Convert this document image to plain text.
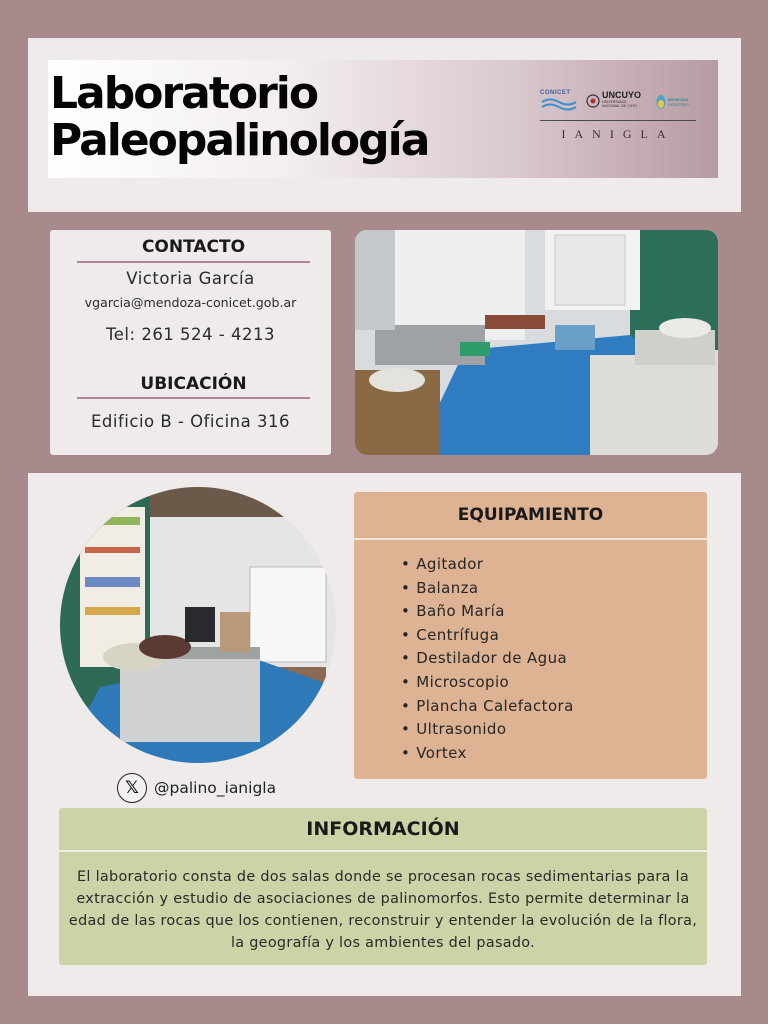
Laboratorio
Paleopalinología
CONICET	UNCUYO
UNIVERSIDAD
NACIONAL DE CUYO
MENDOZA
GOBIERNO
IANIGLA
CONTACTO
Victoria García
vgarcia@mendoza-conicet.gob.ar
Tel: 261 524 - 4213
UBICACIÓN
Edificio B - Oficina 316
𝕏 @palino_ianigla
EQUIPAMIENTO
• Agitador
• Balanza
• Baño María
• Centrífuga
• Destilador de Agua
• Microscopio
• Plancha Calefactora
• Ultrasonido
• Vortex
INFORMACIÓN
El laboratorio consta de dos salas donde se procesan rocas sedimentarias para la extracción y estudio de asociaciones de palinomorfos. Esto permite determinar la edad de las rocas que los contienen, reconstruir y entender la evolución de la flora, la geografía y los ambientes del pasado.
